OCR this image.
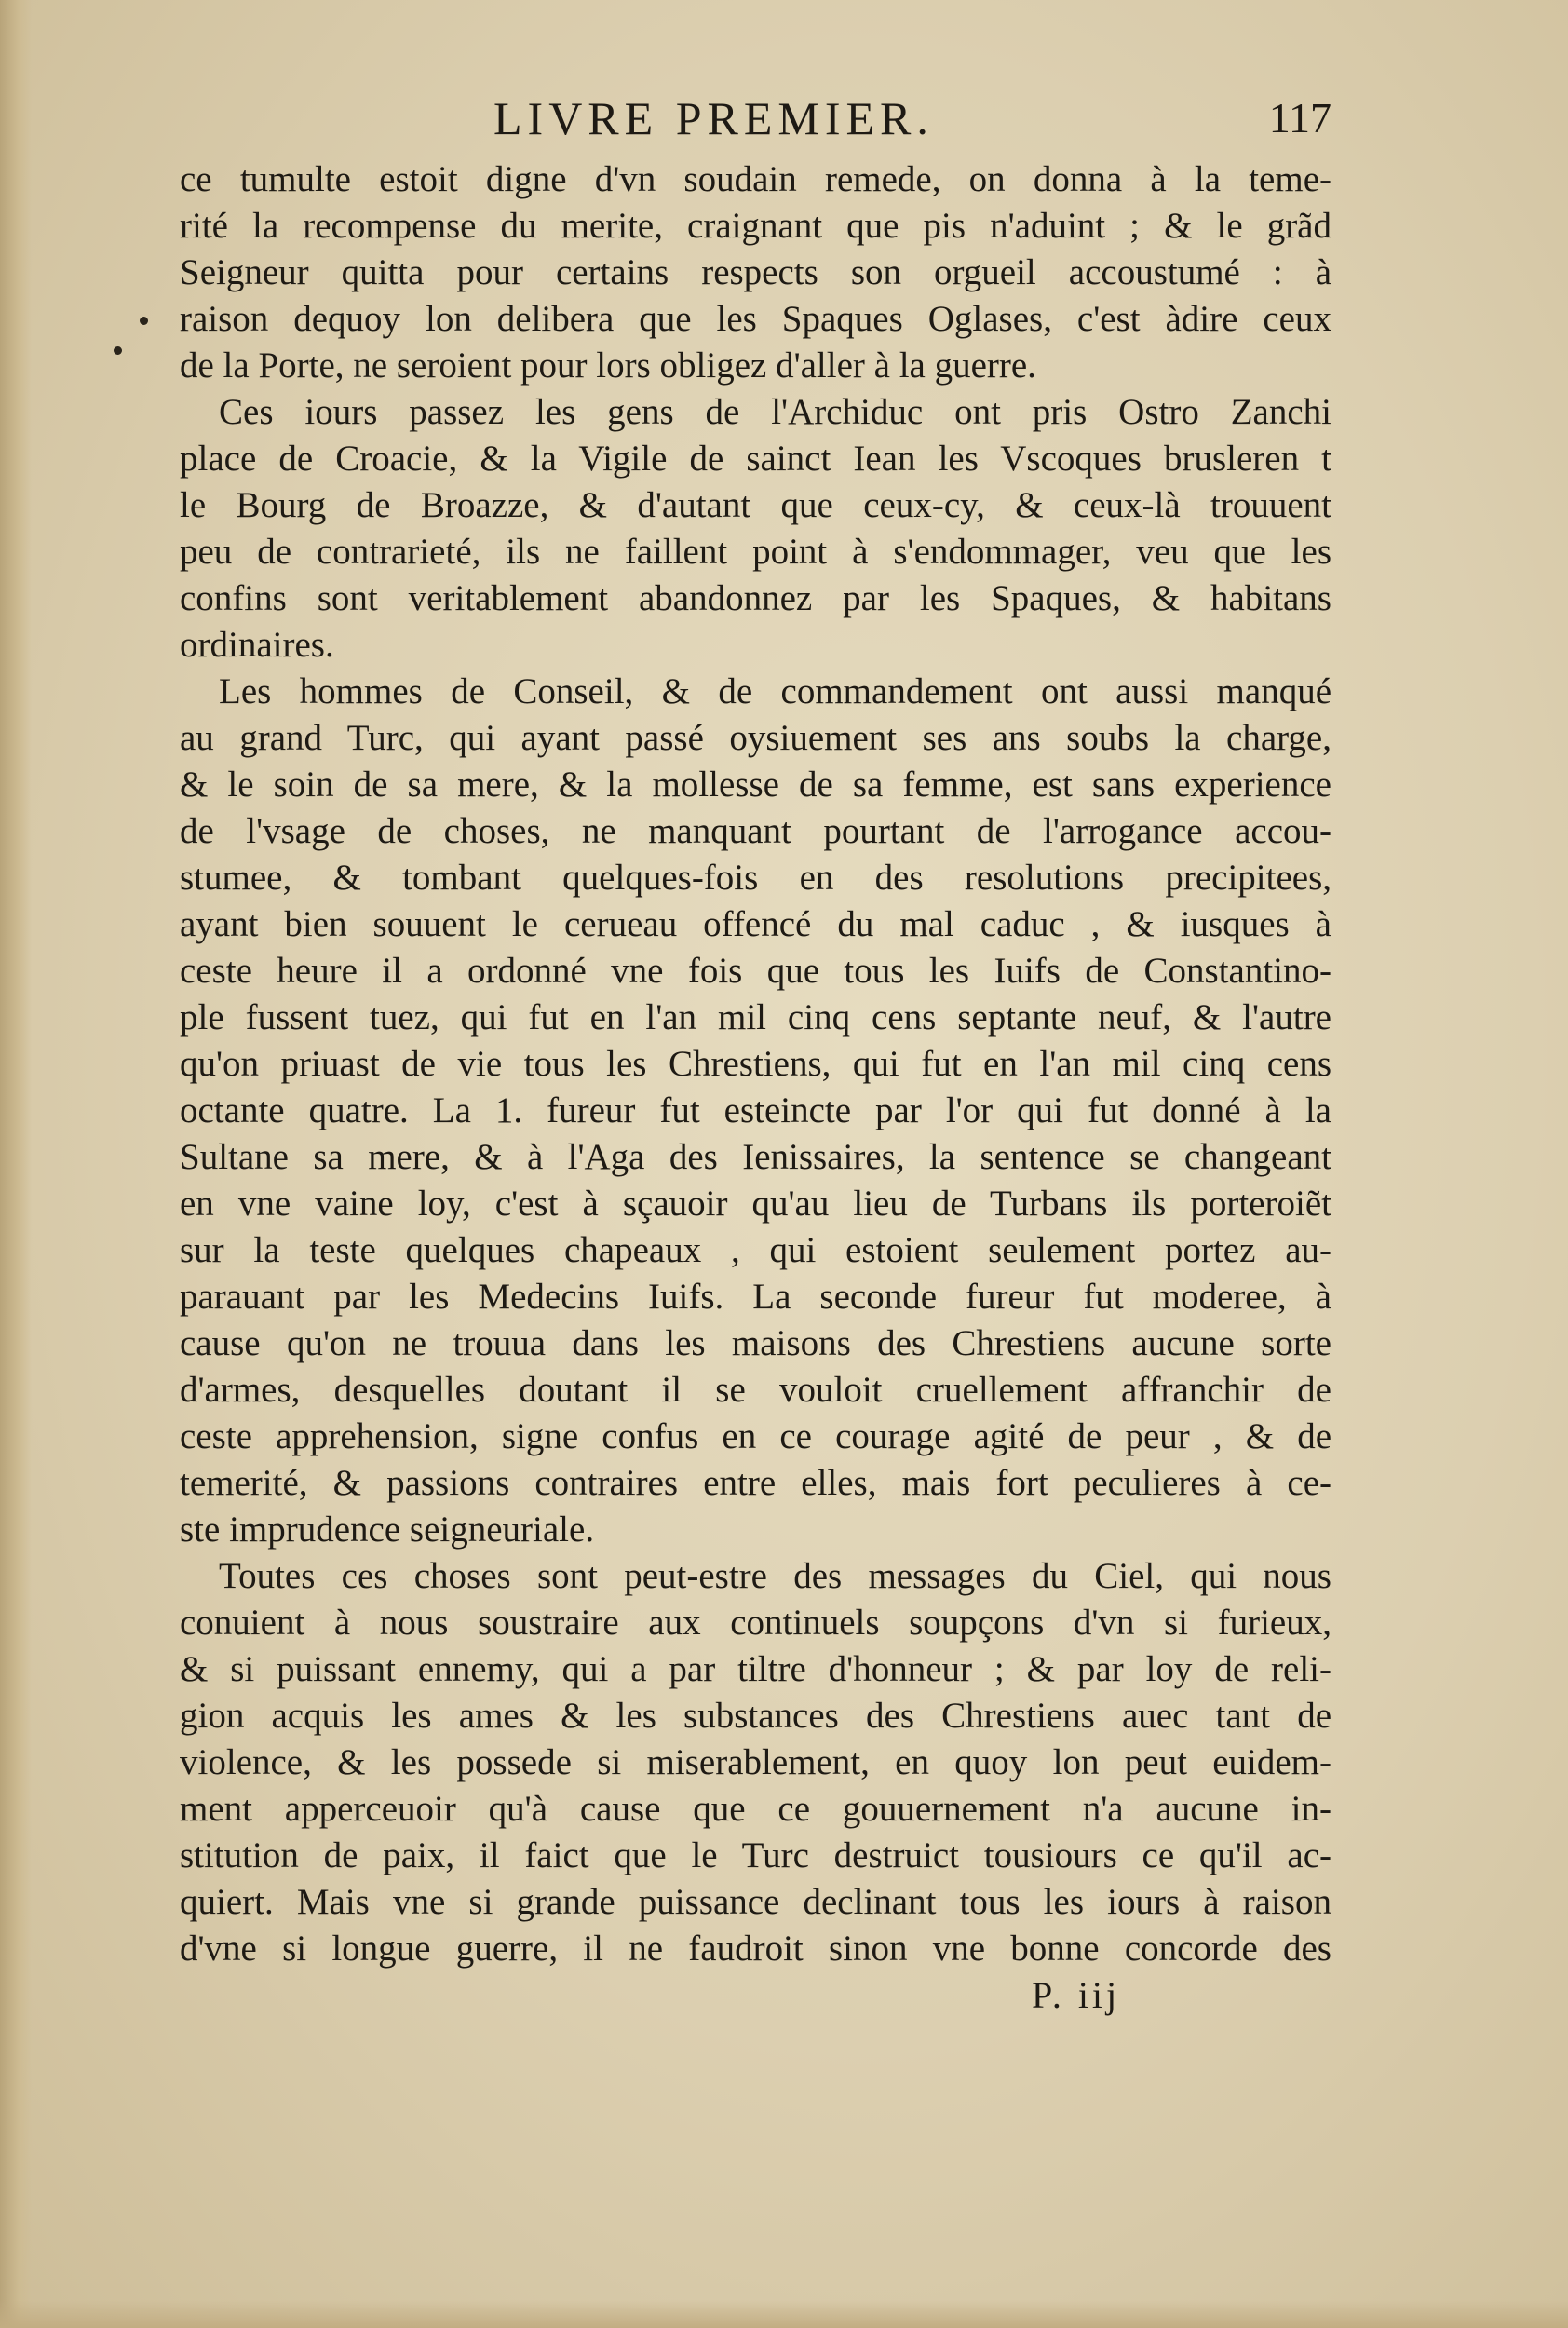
LIVRE PREMIER.	117
ce tumulte estoit digne d'vn soudain remede, on donna à la teme-
rité la recompense du merite, craignant que pis n'aduint ; & le grãd
Seigneur quitta pour certains respects son orgueil accoustumé : à
raison dequoy lon delibera que les Spaques Oglases, c'est àdire ceux
de la Porte, ne seroient pour lors obligez d'aller à la guerre.
Ces iours passez les gens de l'Archiduc ont pris Ostro Zanchi
place de Croacie, & la Vigile de sainct Iean les Vscoques brusleren t
le Bourg de Broazze, & d'autant que ceux-cy, & ceux-là trouuent
peu de contrarieté, ils ne faillent point à s'endommager, veu que les
confins sont veritablement abandonnez par les Spaques, & habitans
ordinaires.
Les hommes de Conseil, & de commandement ont aussi manqué
au grand Turc, qui ayant passé oysiuement ses ans soubs la charge,
& le soin de sa mere, & la mollesse de sa femme, est sans experience
de l'vsage de choses, ne manquant pourtant de l'arrogance accou-
stumee, & tombant quelques-fois en des resolutions precipitees,
ayant bien souuent le cerueau offencé du mal caduc , & iusques à
ceste heure il a ordonné vne fois que tous les Iuifs de Constantino-
ple fussent tuez, qui fut en l'an mil cinq cens septante neuf, & l'autre
qu'on priuast de vie tous les Chrestiens, qui fut en l'an mil cinq cens
octante quatre. La 1. fureur fut esteincte par l'or qui fut donné à la
Sultane sa mere, & à l'Aga des Ienissaires, la sentence se changeant
en vne vaine loy, c'est à sçauoir qu'au lieu de Turbans ils porteroiẽt
sur la teste quelques chapeaux , qui estoient seulement portez au-
parauant par les Medecins Iuifs. La seconde fureur fut moderee, à
cause qu'on ne trouua dans les maisons des Chrestiens aucune sorte
d'armes, desquelles doutant il se vouloit cruellement affranchir de
ceste apprehension, signe confus en ce courage agité de peur , & de
temerité, & passions contraires entre elles, mais fort peculieres à ce-
ste imprudence seigneuriale.
Toutes ces choses sont peut-estre des messages du Ciel, qui nous
conuient à nous soustraire aux continuels soupçons d'vn si furieux,
& si puissant ennemy, qui a par tiltre d'honneur ; & par loy de reli-
gion acquis les ames & les substances des Chrestiens auec tant de
violence, & les possede si miserablement, en quoy lon peut euidem-
ment apperceuoir qu'à cause que ce gouuernement n'a aucune in-
stitution de paix, il faict que le Turc destruict tousiours ce qu'il ac-
quiert. Mais vne si grande puissance declinant tous les iours à raison
d'vne si longue guerre, il ne faudroit sinon vne bonne concorde des
P. iij
